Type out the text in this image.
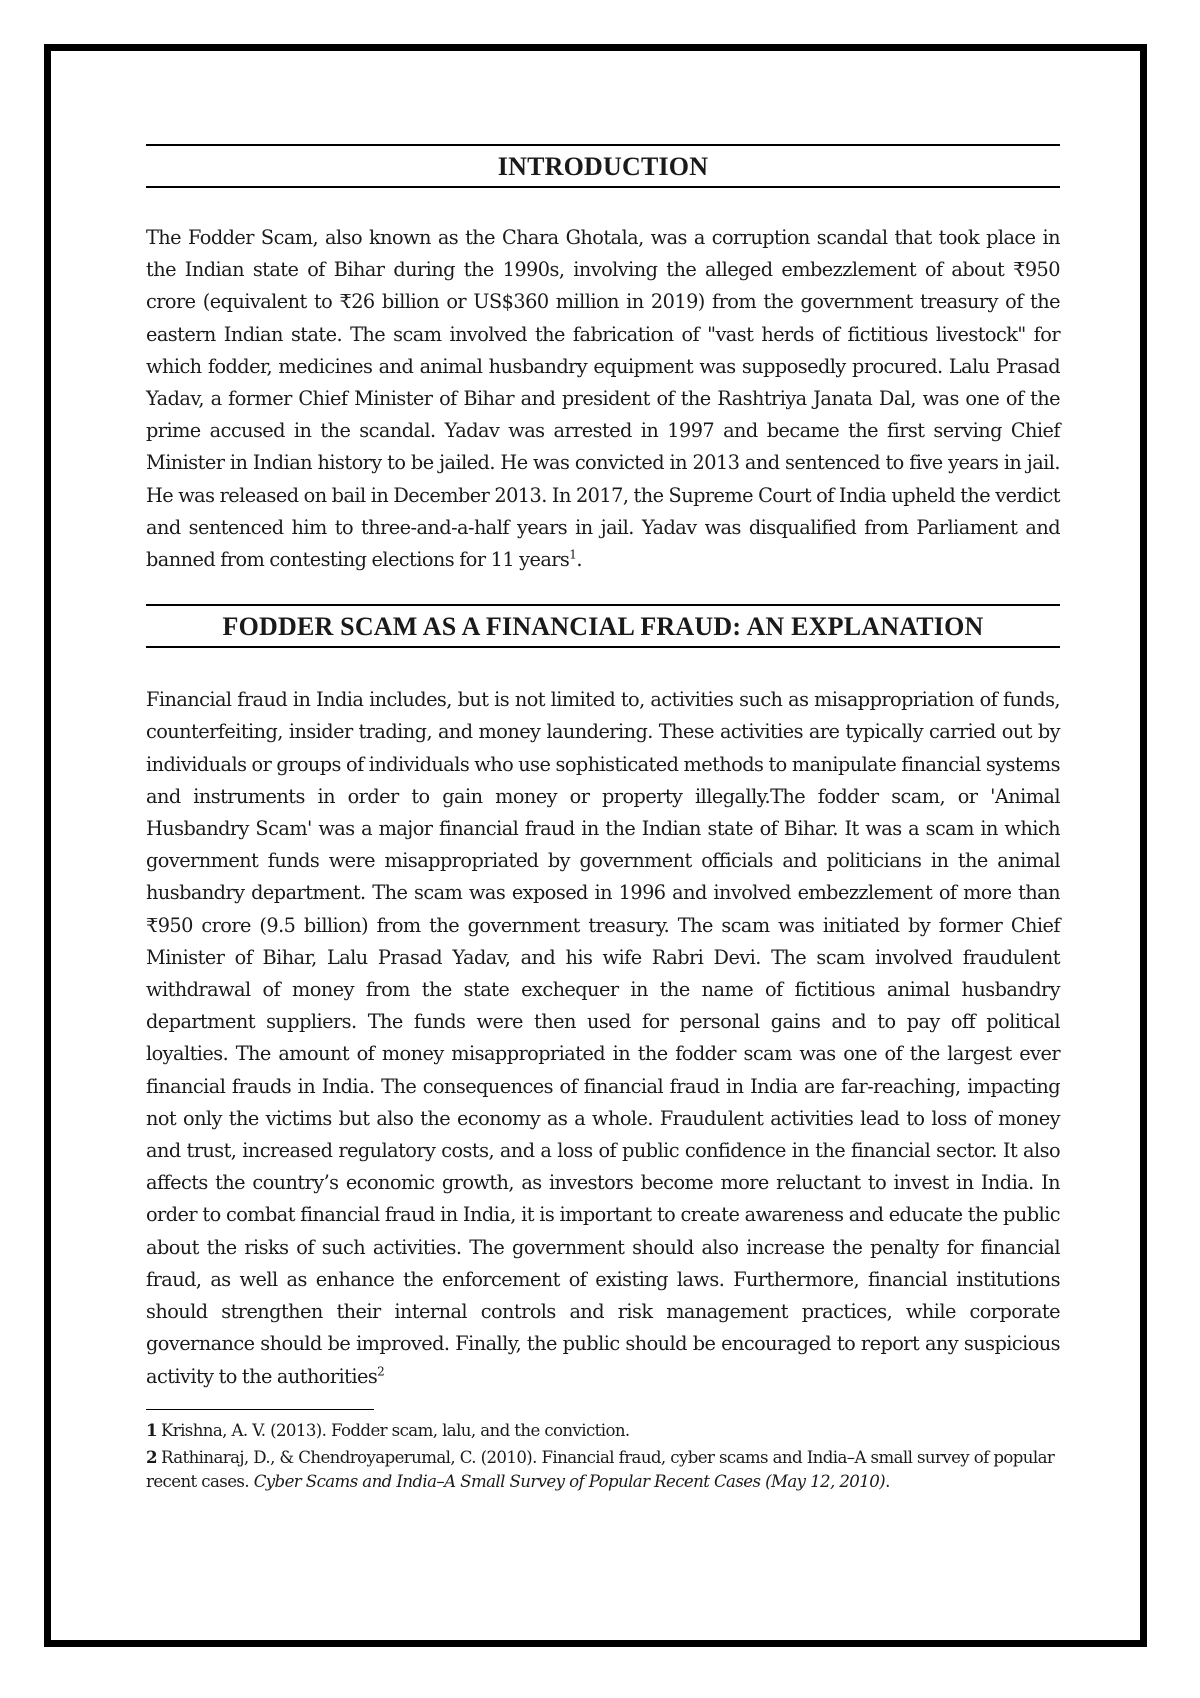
INTRODUCTION

The Fodder Scam, also known as the Chara Ghotala, was a corruption scandal that took place in the Indian state of Bihar during the 1990s, involving the alleged embezzlement of about ₹950 crore (equivalent to ₹26 billion or US$360 million in 2019) from the government treasury of the eastern Indian state. The scam involved the fabrication of "vast herds of fictitious livestock" for which fodder, medicines and animal husbandry equipment was supposedly procured. Lalu Prasad Yadav, a former Chief Minister of Bihar and president of the Rashtriya Janata Dal, was one of the prime accused in the scandal. Yadav was arrested in 1997 and became the first serving Chief Minister in Indian history to be jailed. He was convicted in 2013 and sentenced to five years in jail. He was released on bail in December 2013. In 2017, the Supreme Court of India upheld the verdict and sentenced him to three-and-a-half years in jail. Yadav was disqualified from Parliament and banned from contesting elections for 11 years$^1$.

FODDER SCAM AS A FINANCIAL FRAUD: AN EXPLANATION

Financial fraud in India includes, but is not limited to, activities such as misappropriation of funds, counterfeiting, insider trading, and money laundering. These activities are typically carried out by individuals or groups of individuals who use sophisticated methods to manipulate financial systems and instruments in order to gain money or property illegally.The fodder scam, or 'Animal Husbandry Scam' was a major financial fraud in the Indian state of Bihar. It was a scam in which government funds were misappropriated by government officials and politicians in the animal husbandry department. The scam was exposed in 1996 and involved embezzlement of more than ₹950 crore (9.5 billion) from the government treasury. The scam was initiated by former Chief Minister of Bihar, Lalu Prasad Yadav, and his wife Rabri Devi. The scam involved fraudulent withdrawal of money from the state exchequer in the name of fictitious animal husbandry department suppliers. The funds were then used for personal gains and to pay off political loyalties. The amount of money misappropriated in the fodder scam was one of the largest ever financial frauds in India. The consequences of financial fraud in India are far-reaching, impacting not only the victims but also the economy as a whole. Fraudulent activities lead to loss of money and trust, increased regulatory costs, and a loss of public confidence in the financial sector. It also affects the country’s economic growth, as investors become more reluctant to invest in India. In order to combat financial fraud in India, it is important to create awareness and educate the public about the risks of such activities. The government should also increase the penalty for financial fraud, as well as enhance the enforcement of existing laws. Furthermore, financial institutions should strengthen their internal controls and risk management practices, while corporate governance should be improved. Finally, the public should be encouraged to report any suspicious activity to the authorities$^2$

1 Krishna, A. V. (2013). Fodder scam, lalu, and the conviction.

2 Rathinaraj, D., & Chendroyaperumal, C. (2010). Financial fraud, cyber scams and India–A small survey of popular recent cases. Cyber Scams and India–A Small Survey of Popular Recent Cases (May 12, 2010).
